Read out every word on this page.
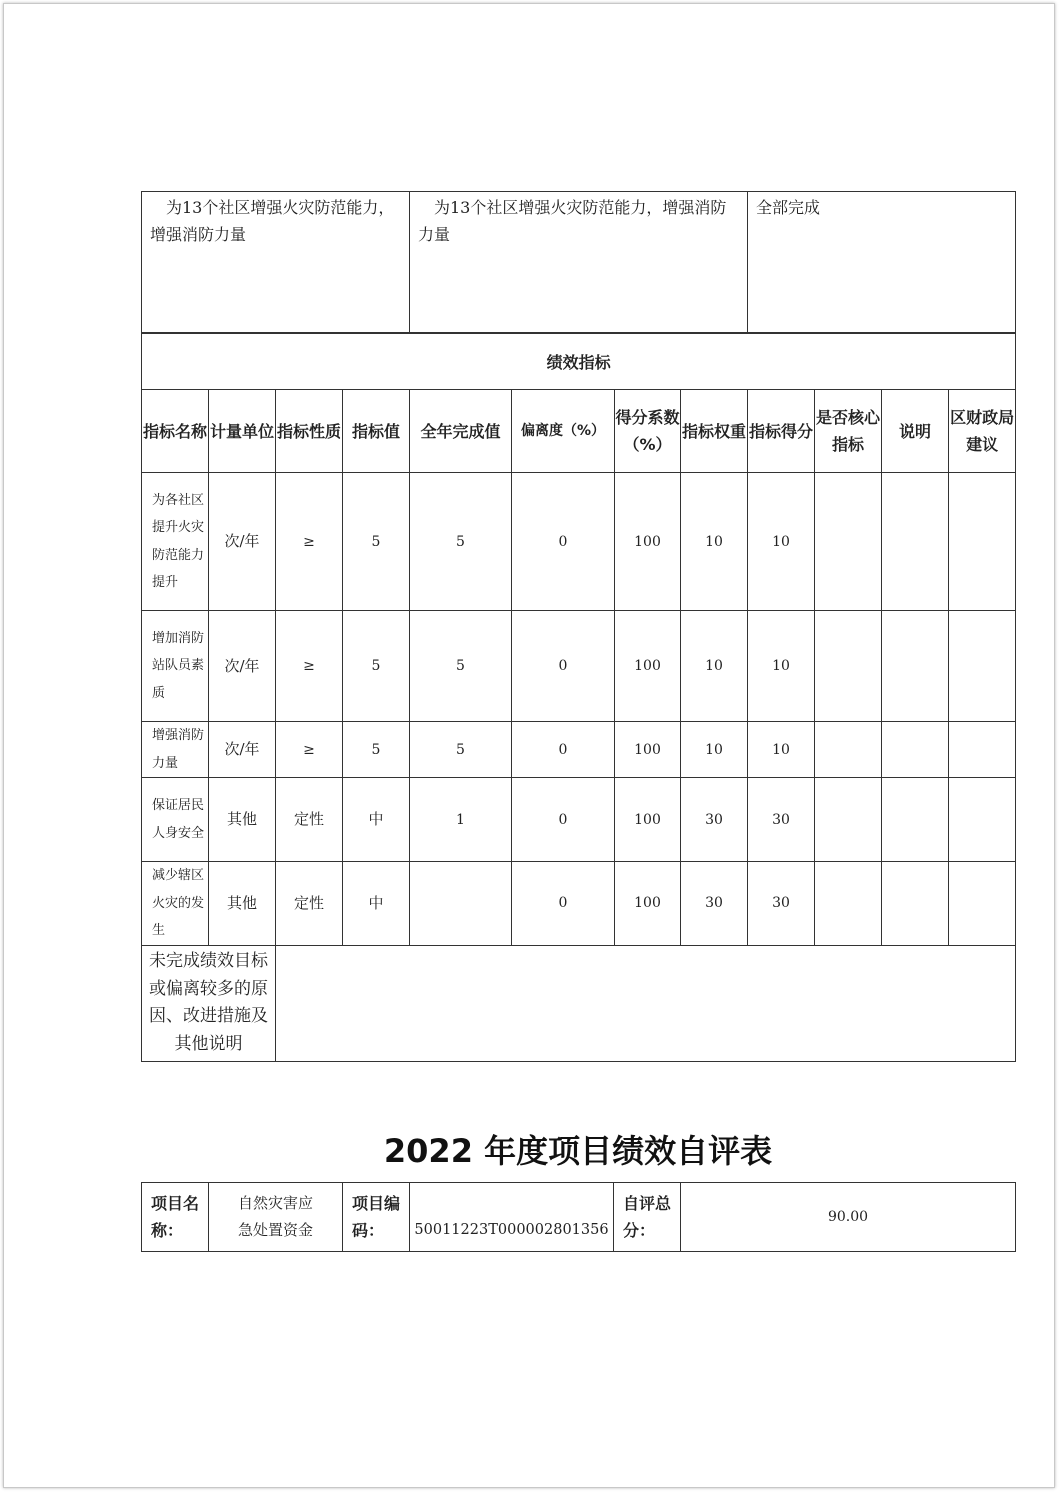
为13个社区增强火灾防范能力，增强消防力量	为13个社区增强火灾防范能力，增强消防力量	全部完成
绩效指标											
指标名称	计量单位	指标性质	指标值	全年完成值	偏离度（%）	得分系数（%）	指标权重	指标得分	是否核心指标	说明	区财政局建议
为各社区提升火灾防范能力提升	次/年	≥	5	5	0	100	10	10			
增加消防站队员素质	次/年	≥	5	5	0	100	10	10			
增强消防力量	次/年	≥	5	5	0	100	10	10			
保证居民人身安全	其他	定性	中	1	0	100	30	30			
减少辖区火灾的发生	其他	定性	中		0	100	30	30			
未完成绩效目标或偏离较多的原因、改进措施及其他说明											
2022 年度项目绩效自评表
项目名称：	自然灾害应急处置资金	项目编码：	50011223T000002801356	自评总分：	90.00
